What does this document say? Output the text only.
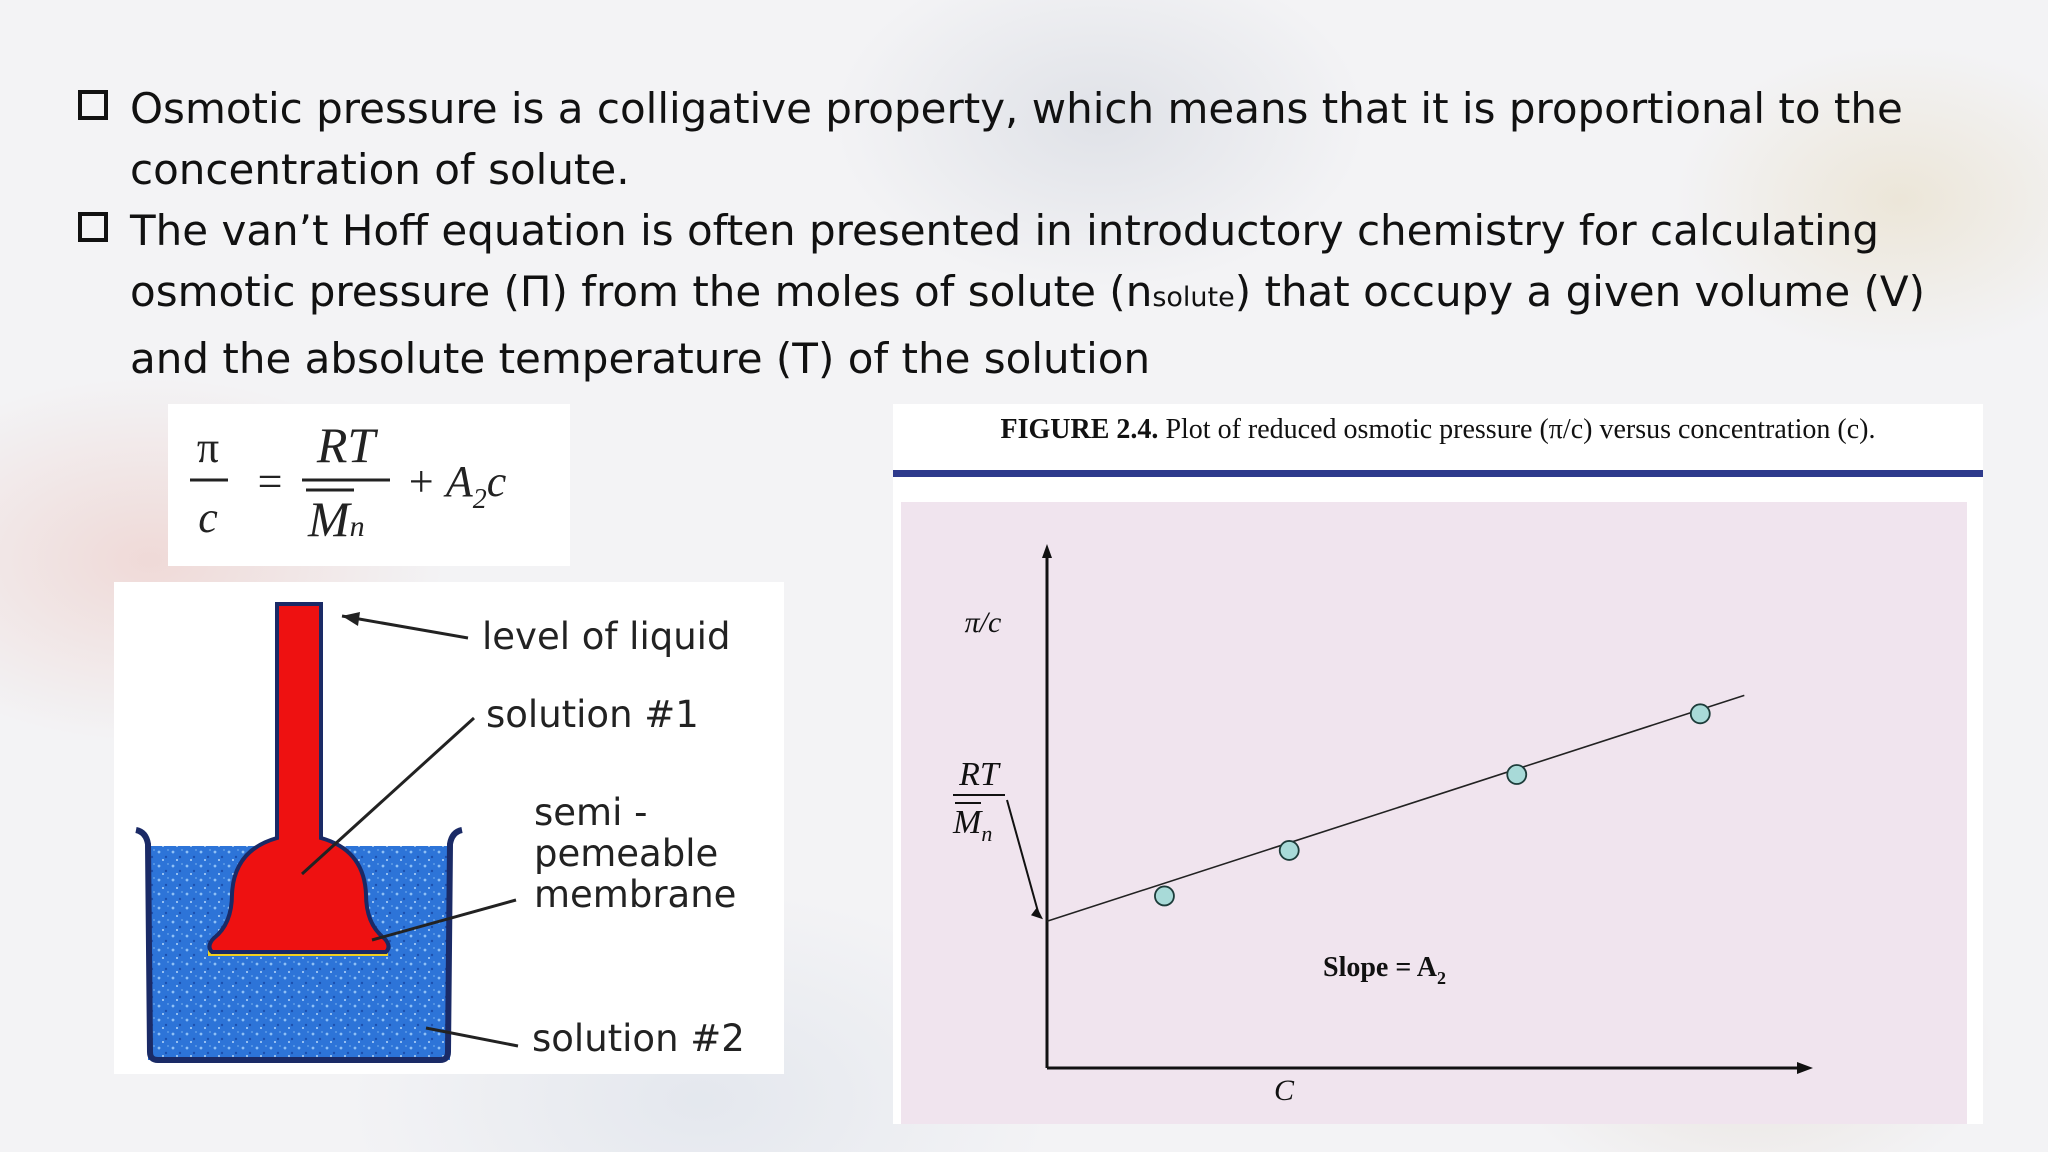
Osmotic pressure is a colligative property, which means that it is proportional to the
concentration of solute.
The van’t Hoff equation is often presented in introductory chemistry for calculating
osmotic pressure (Π) from the moles of solute (nsolute) that occupy a given volume (V)
and the absolute temperature (T) of the solution
π
c
=
RT
Mn
+ $A_2c$
level of liquid
solution #1
semi -
pemeable
membrane
solution #2
FIGURE 2.4. Plot of reduced osmotic pressure (π/c) versus concentration (c).
π/c
C
RT
$M_n$
Slope = $A_2$
